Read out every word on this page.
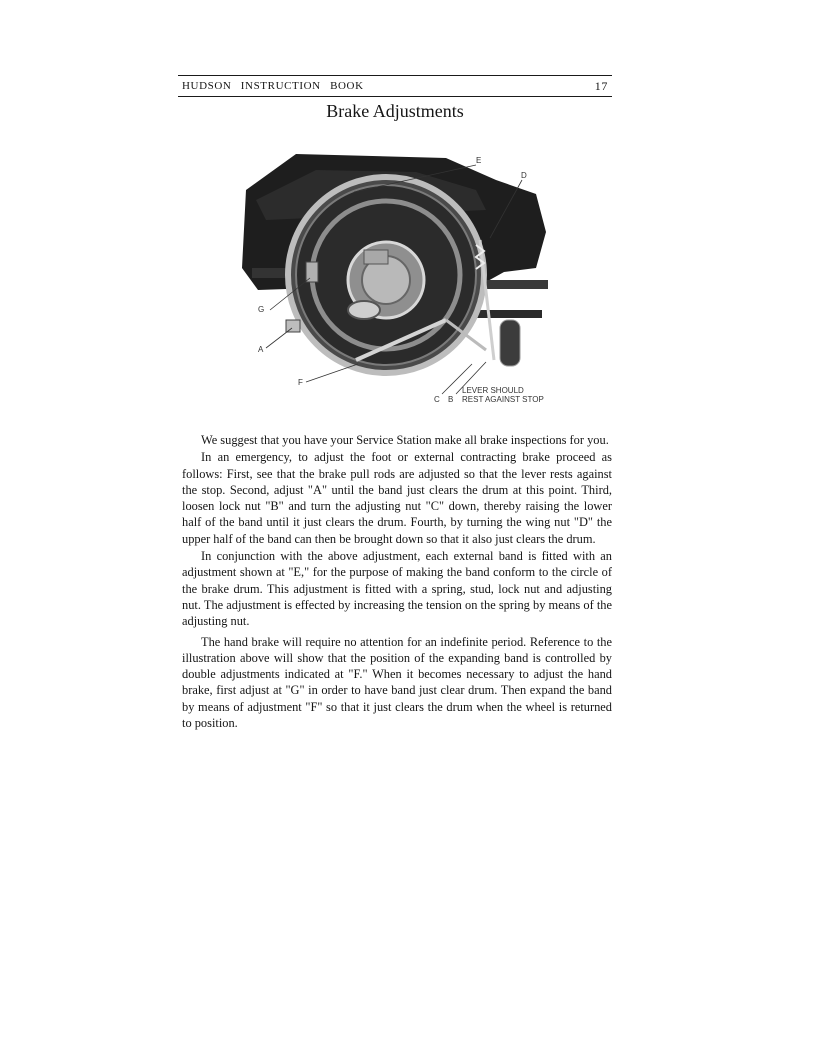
HUDSON INSTRUCTION BOOK	17
Brake Adjustments
E
D
G
A
F
C B
LEVER SHOULD
REST AGAINST STOP

We suggest that you have your Service Station make all brake inspections for you.

In an emergency, to adjust the foot or external contracting brake proceed as follows: First, see that the brake pull rods are adjusted so that the lever rests against the stop. Second, adjust "A" until the band just clears the drum at this point. Third, loosen lock nut "B" and turn the adjusting nut "C" down, thereby raising the lower half of the band until it just clears the drum. Fourth, by turning the wing nut "D" the upper half of the band can then be brought down so that it also just clears the drum.

In conjunction with the above adjustment, each external band is fitted with an adjustment shown at "E," for the purpose of making the band conform to the circle of the brake drum. This adjustment is fitted with a spring, stud, lock nut and adjusting nut. The adjustment is effected by increasing the tension on the spring by means of the adjusting nut.

The hand brake will require no attention for an indefinite period. Reference to the illustration above will show that the position of the expanding band is controlled by double adjustments indicated at "F." When it becomes necessary to adjust the hand brake, first adjust at "G" in order to have band just clear drum. Then expand the band by means of adjustment "F" so that it just clears the drum when the wheel is returned to position.
